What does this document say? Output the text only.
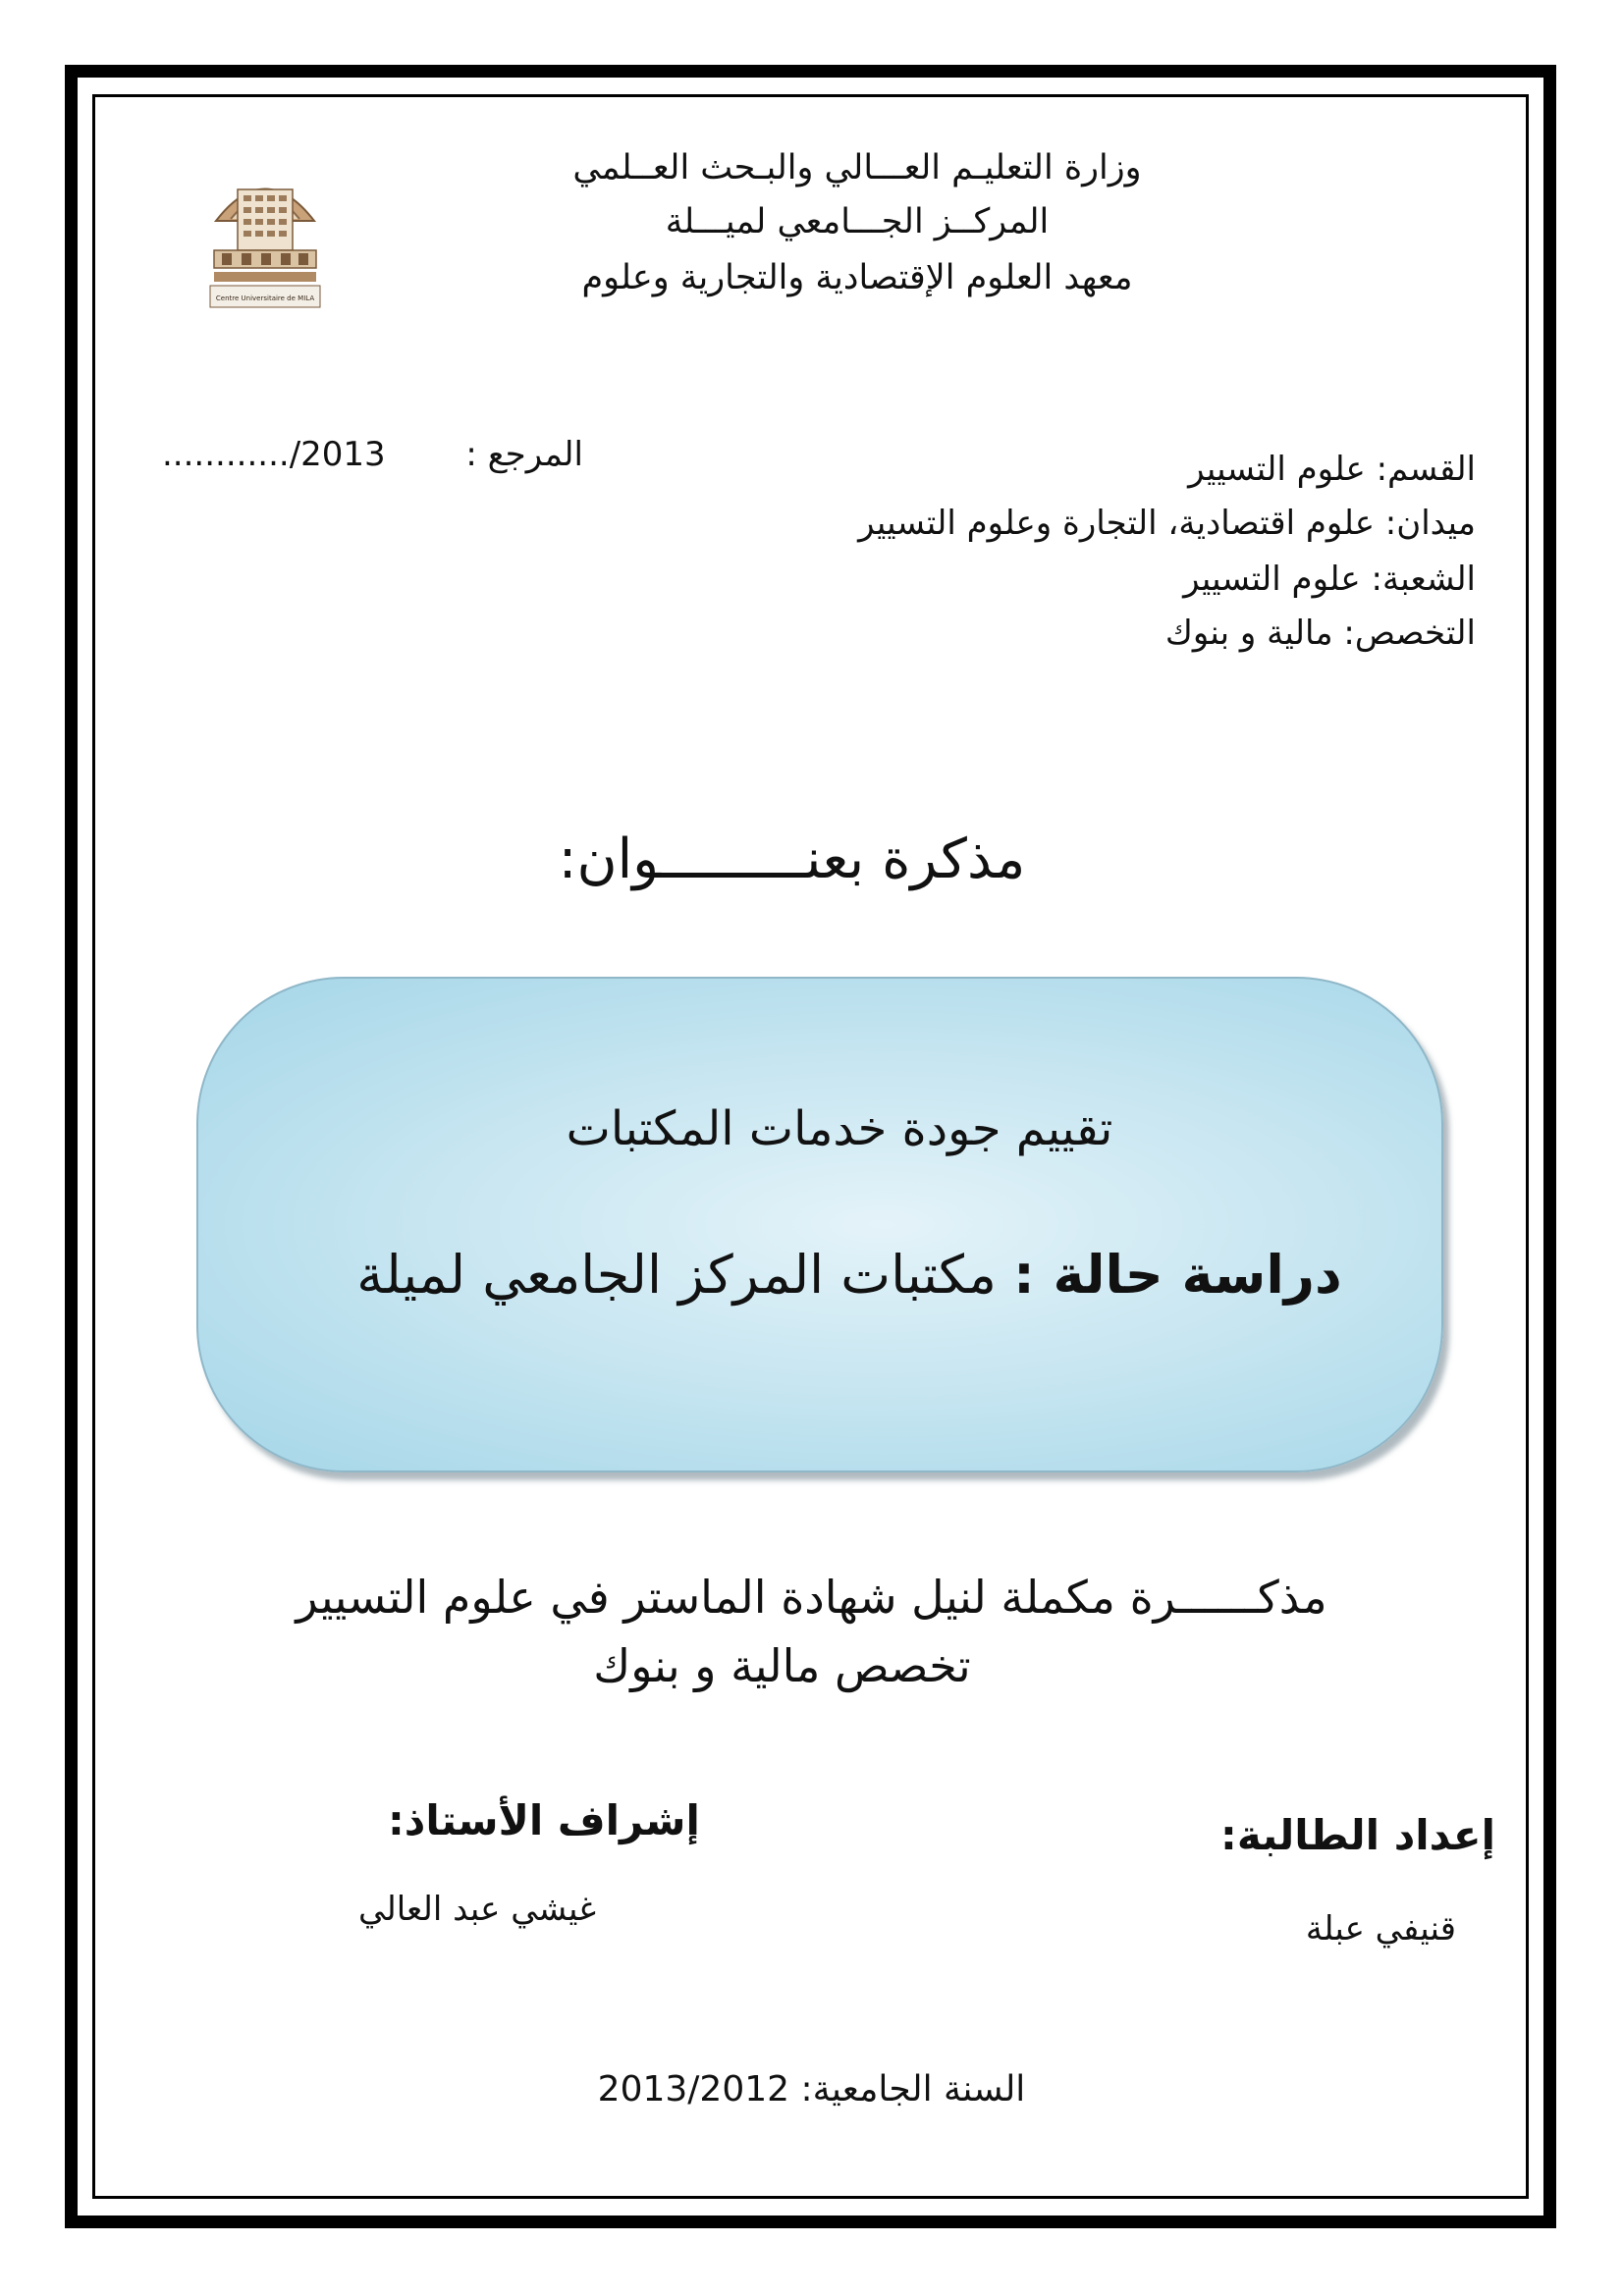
Centre Universitaire de MILA
وزارة التعليـم العـــالي والبـحث العــلمي
المركــز الجـــامعي لميـــلة
معهد العلوم الإقتصادية والتجارية وعلوم
............/2013 المرجع :	القسم: علوم التسيير
ميدان: علوم اقتصادية، التجارة وعلوم التسيير
الشعبة: علوم التسيير
التخصص: مالية و بنوك
مذكرة بعنـــــــــوان:
تقييم جودة خدمات المكتبات
دراسة حالة : مكتبات المركز الجامعي لميلة
مذكــــــرة مكملة لنيل شهادة الماستر في علوم التسيير
تخصص مالية و بنوك
إعداد الطالبة:
قنيفي عبلة
إشراف الأستاذ:
غيشي عبد العالي
السنة الجامعية: 2013/2012
